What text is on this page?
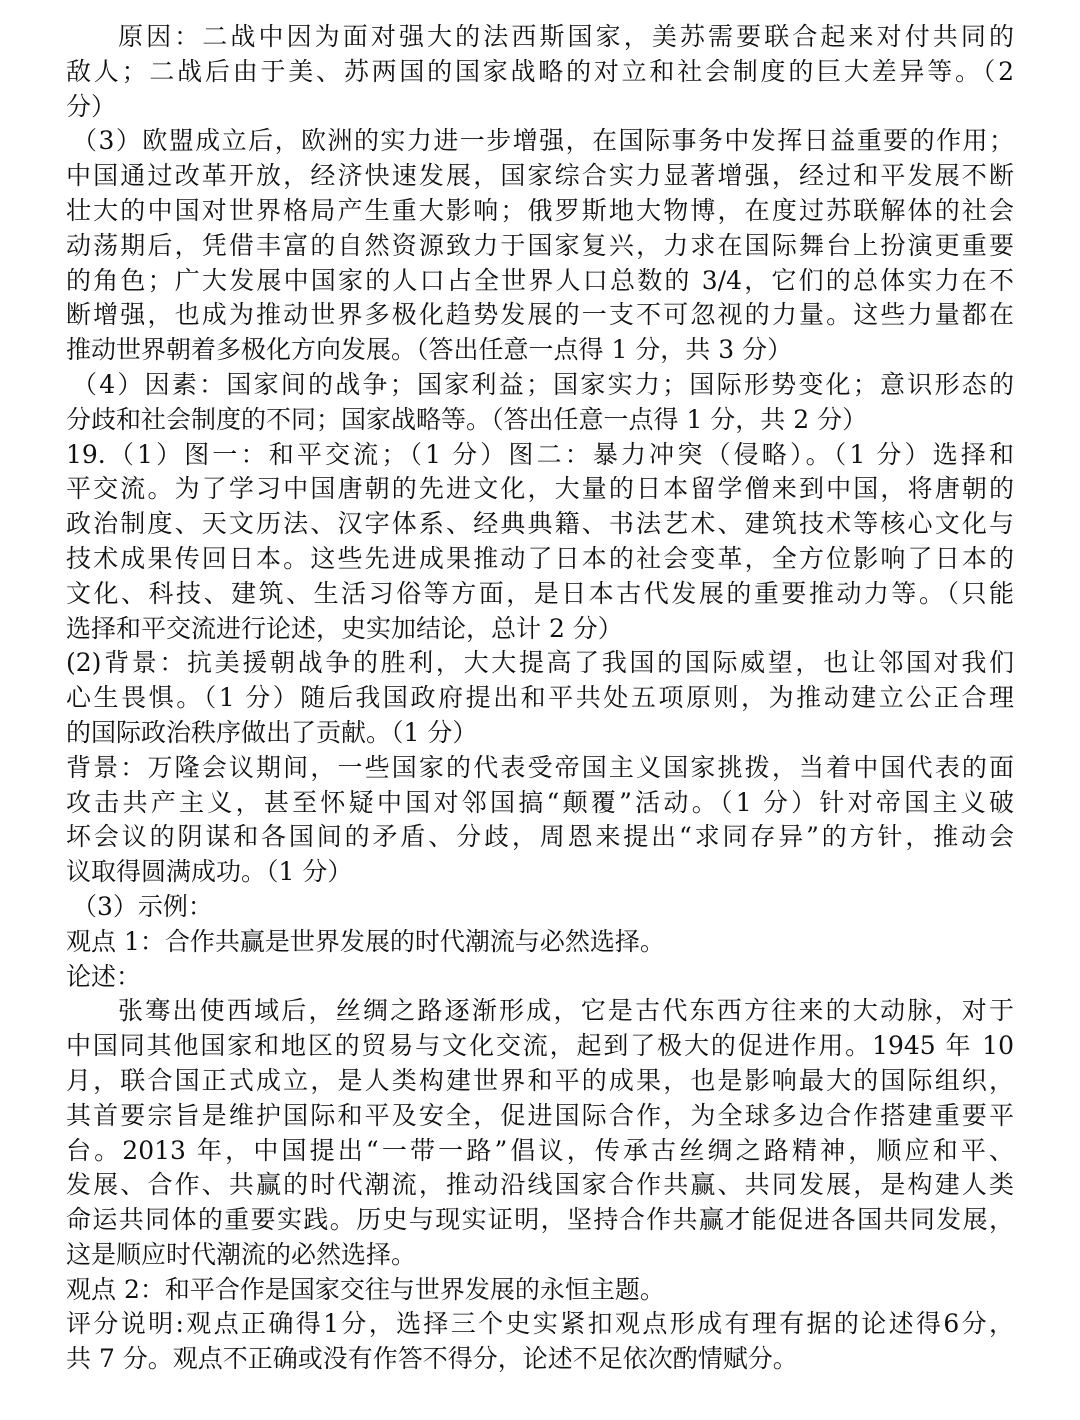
原因：二战中因为面对强大的法西斯国家，美苏需要联合起来对付共同的
敌人；二战后由于美、苏两国的国家战略的对立和社会制度的巨大差异等。（2
分）
（3）欧盟成立后，欧洲的实力进一步增强，在国际事务中发挥日益重要的作用；
中国通过改革开放，经济快速发展，国家综合实力显著增强，经过和平发展不断
壮大的中国对世界格局产生重大影响；俄罗斯地大物博，在度过苏联解体的社会
动荡期后，凭借丰富的自然资源致力于国家复兴，力求在国际舞台上扮演更重要
的角色；广大发展中国家的人口占全世界人口总数的 3/4，它们的总体实力在不
断增强，也成为推动世界多极化趋势发展的一支不可忽视的力量。这些力量都在
推动世界朝着多极化方向发展。（答出任意一点得 1 分，共 3 分）
（4）因素：国家间的战争；国家利益；国家实力；国际形势变化；意识形态的
分歧和社会制度的不同；国家战略等。（答出任意一点得 1 分，共 2 分）
19.（1）图一：和平交流；（1 分）图二：暴力冲突（侵略）。（1 分）选择和
平交流。为了学习中国唐朝的先进文化，大量的日本留学僧来到中国，将唐朝的
政治制度、天文历法、汉字体系、经典典籍、书法艺术、建筑技术等核心文化与
技术成果传回日本。这些先进成果推动了日本的社会变革，全方位影响了日本的
文化、科技、建筑、生活习俗等方面，是日本古代发展的重要推动力等。（只能
选择和平交流进行论述，史实加结论，总计 2 分）
(2)背景：抗美援朝战争的胜利，大大提高了我国的国际威望，也让邻国对我们
心生畏惧。（1 分）随后我国政府提出和平共处五项原则，为推动建立公正合理
的国际政治秩序做出了贡献。（1 分）
背景：万隆会议期间，一些国家的代表受帝国主义国家挑拨，当着中国代表的面
攻击共产主义，甚至怀疑中国对邻国搞“颠覆”活动。（1 分）针对帝国主义破
坏会议的阴谋和各国间的矛盾、分歧，周恩来提出“求同存异”的方针，推动会
议取得圆满成功。（1 分）
（3）示例：
观点 1：合作共赢是世界发展的时代潮流与必然选择。
论述：
张骞出使西域后，丝绸之路逐渐形成，它是古代东西方往来的大动脉，对于
中国同其他国家和地区的贸易与文化交流，起到了极大的促进作用。1945 年 10
月，联合国正式成立，是人类构建世界和平的成果，也是影响最大的国际组织，
其首要宗旨是维护国际和平及安全，促进国际合作，为全球多边合作搭建重要平
台。2013 年，中国提出“一带一路”倡议，传承古丝绸之路精神，顺应和平、
发展、合作、共赢的时代潮流，推动沿线国家合作共赢、共同发展，是构建人类
命运共同体的重要实践。历史与现实证明，坚持合作共赢才能促进各国共同发展，
这是顺应时代潮流的必然选择。
观点 2：和平合作是国家交往与世界发展的永恒主题。
评分说明:观点正确得1分，选择三个史实紧扣观点形成有理有据的论述得6分，
共 7 分。观点不正确或没有作答不得分，论述不足依次酌情赋分。
